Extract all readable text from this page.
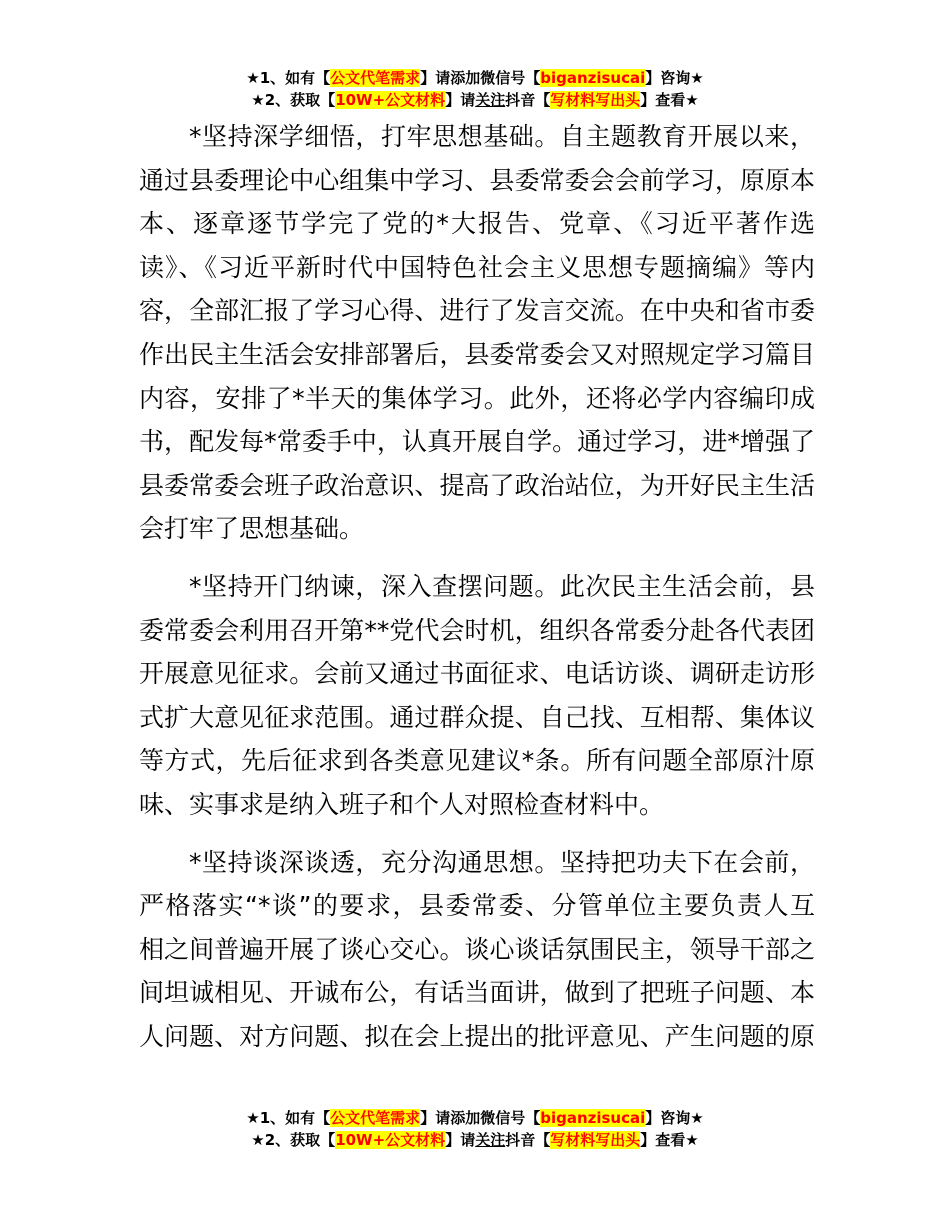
★1、如有【公文代笔需求】请添加微信号【biganzisucai】咨询★
★2、获取【10W+公文材料】请关注抖音【写材料写出头】查看★
*坚持深学细悟，打牢思想基础。自主题教育开展以来，
通过县委理论中心组集中学习、县委常委会会前学习，原原本
本、逐章逐节学完了党的*大报告、党章、《习近平著作选
读》、《习近平新时代中国特色社会主义思想专题摘编》等内
容，全部汇报了学习心得、进行了发言交流。在中央和省市委
作出民主生活会安排部署后，县委常委会又对照规定学习篇目
内容，安排了*半天的集体学习。此外，还将必学内容编印成
书，配发每*常委手中，认真开展自学。通过学习，进*增强了
县委常委会班子政治意识、提高了政治站位，为开好民主生活
会打牢了思想基础。
*坚持开门纳谏，深入查摆问题。此次民主生活会前，县
委常委会利用召开第**党代会时机，组织各常委分赴各代表团
开展意见征求。会前又通过书面征求、电话访谈、调研走访形
式扩大意见征求范围。通过群众提、自己找、互相帮、集体议
等方式，先后征求到各类意见建议*条。所有问题全部原汁原
味、实事求是纳入班子和个人对照检查材料中。
*坚持谈深谈透，充分沟通思想。坚持把功夫下在会前，
严格落实“*谈”的要求，县委常委、分管单位主要负责人互
相之间普遍开展了谈心交心。谈心谈话氛围民主，领导干部之
间坦诚相见、开诚布公，有话当面讲，做到了把班子问题、本
人问题、对方问题、拟在会上提出的批评意见、产生问题的原
★1、如有【公文代笔需求】请添加微信号【biganzisucai】咨询★
★2、获取【10W+公文材料】请关注抖音【写材料写出头】查看★
